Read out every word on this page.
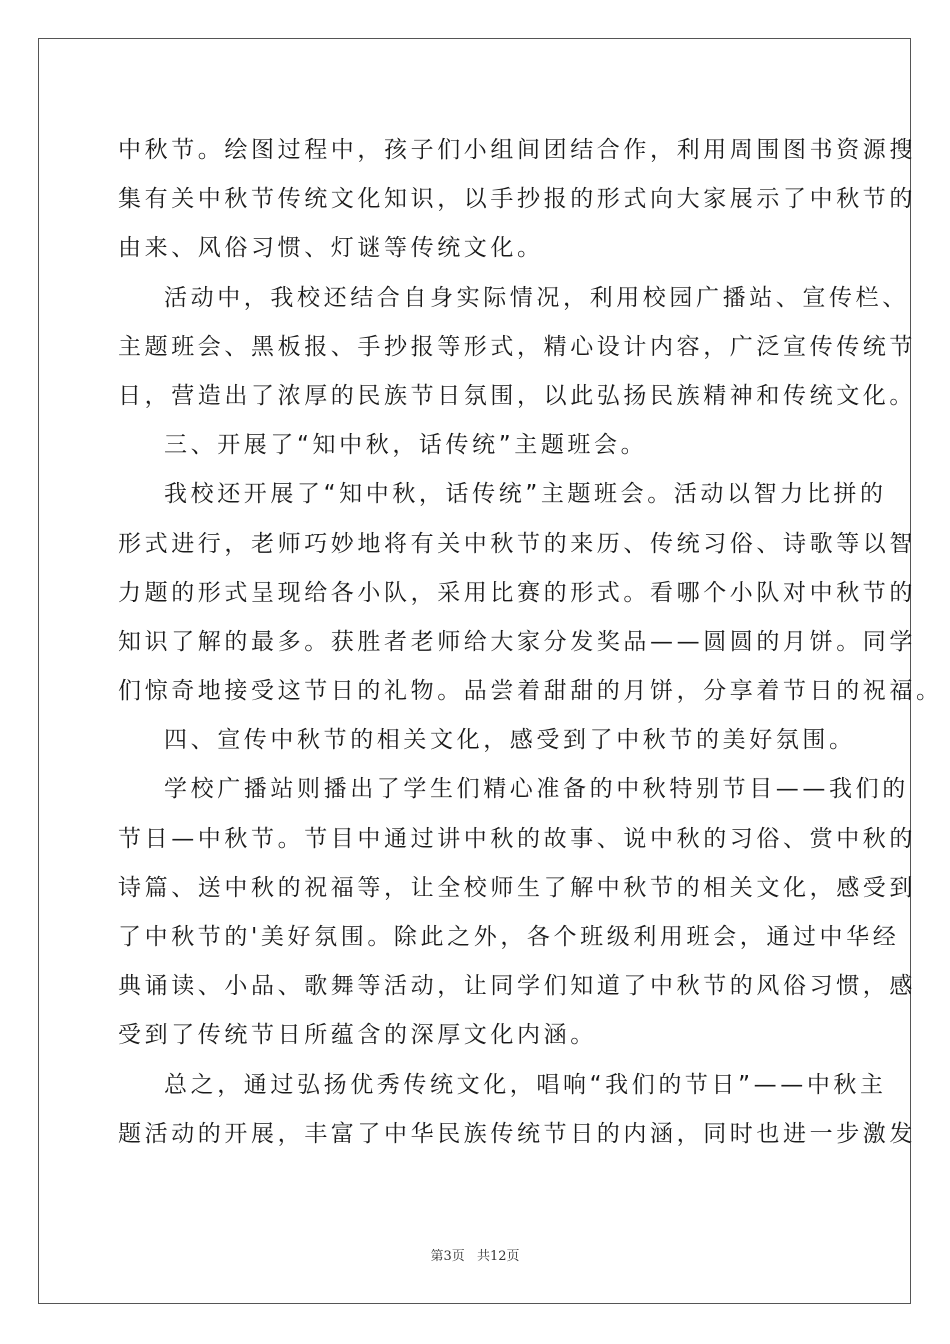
中秋节。绘图过程中，孩子们小组间团结合作，利用周围图书资源搜
集有关中秋节传统文化知识，以手抄报的形式向大家展示了中秋节的
由来、风俗习惯、灯谜等传统文化。
活动中，我校还结合自身实际情况，利用校园广播站、宣传栏、
主题班会、黑板报、手抄报等形式，精心设计内容，广泛宣传传统节
日，营造出了浓厚的民族节日氛围，以此弘扬民族精神和传统文化。
三、开展了“知中秋，话传统”主题班会。
我校还开展了“知中秋，话传统”主题班会。活动以智力比拼的
形式进行，老师巧妙地将有关中秋节的来历、传统习俗、诗歌等以智
力题的形式呈现给各小队，采用比赛的形式。看哪个小队对中秋节的
知识了解的最多。获胜者老师给大家分发奖品——圆圆的月饼。同学
们惊奇地接受这节日的礼物。品尝着甜甜的月饼，分享着节日的祝福。
四、宣传中秋节的相关文化，感受到了中秋节的美好氛围。
学校广播站则播出了学生们精心准备的中秋特别节目——我们的
节日—中秋节。节目中通过讲中秋的故事、说中秋的习俗、赏中秋的
诗篇、送中秋的祝福等，让全校师生了解中秋节的相关文化，感受到
了中秋节的'美好氛围。除此之外，各个班级利用班会，通过中华经
典诵读、小品、歌舞等活动，让同学们知道了中秋节的风俗习惯，感
受到了传统节日所蕴含的深厚文化内涵。
总之，通过弘扬优秀传统文化，唱响“我们的节日”——中秋主
题活动的开展，丰富了中华民族传统节日的内涵，同时也进一步激发
第3页 共12页
